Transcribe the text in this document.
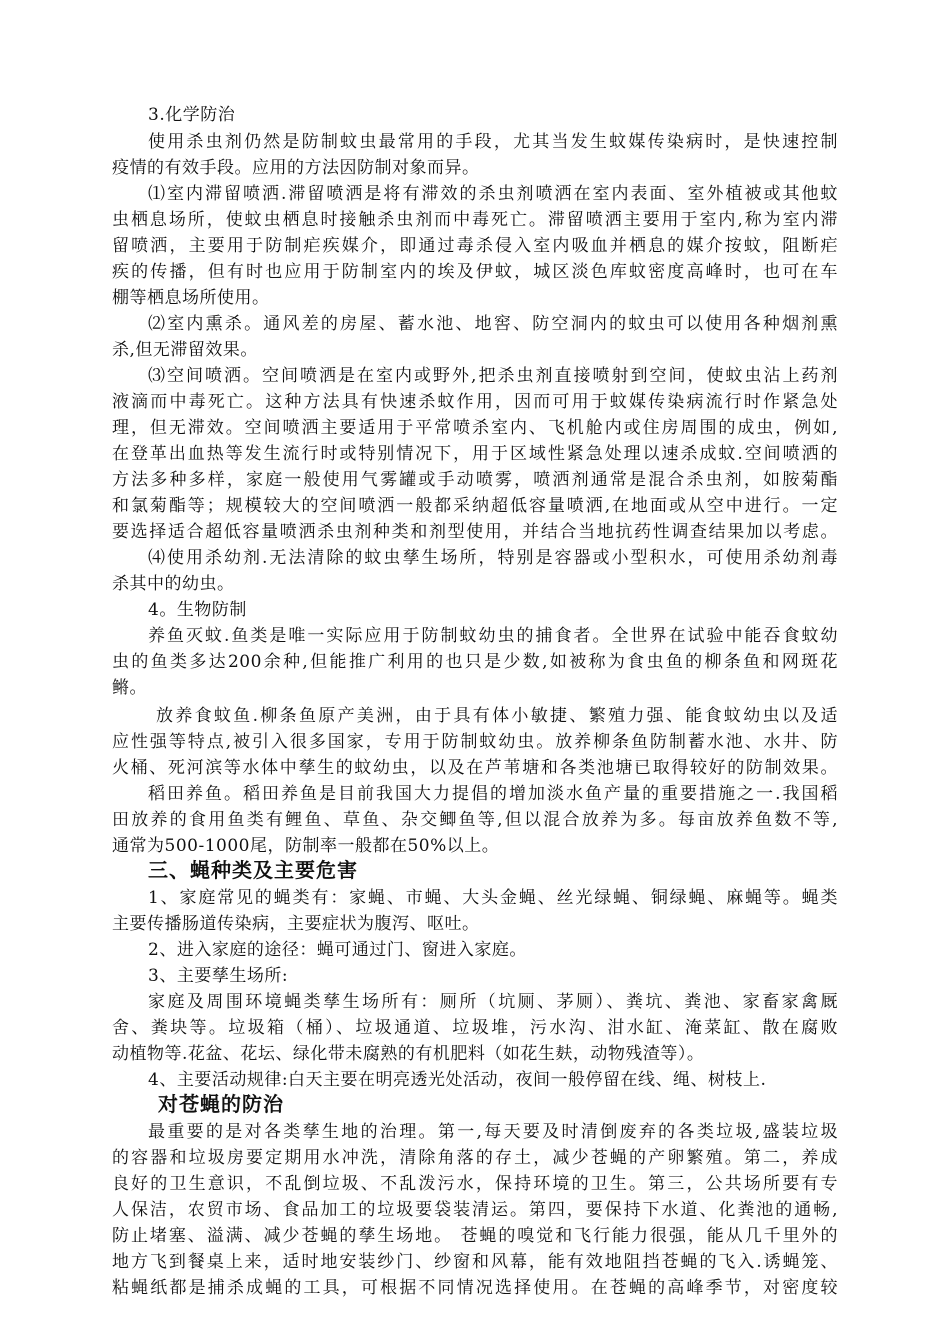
3.化学防治
使用杀虫剂仍然是防制蚊虫最常用的手段，尤其当发生蚊媒传染病时，是快速控制
疫情的有效手段。应用的方法因防制对象而异。
⑴室内滞留喷洒.滞留喷洒是将有滞效的杀虫剂喷洒在室内表面、室外植被或其他蚊
虫栖息场所，使蚊虫栖息时接触杀虫剂而中毒死亡。滞留喷洒主要用于室内,称为室内滞
留喷洒，主要用于防制疟疾媒介，即通过毒杀侵入室内吸血并栖息的媒介按蚊，阻断疟
疾的传播，但有时也应用于防制室内的埃及伊蚊，城区淡色库蚊密度高峰时，也可在车
棚等栖息场所使用。
⑵室内熏杀。通风差的房屋、蓄水池、地窖、防空洞内的蚊虫可以使用各种烟剂熏
杀,但无滞留效果。
⑶空间喷洒。空间喷洒是在室内或野外,把杀虫剂直接喷射到空间，使蚊虫沾上药剂
液滴而中毒死亡。这种方法具有快速杀蚊作用，因而可用于蚊媒传染病流行时作紧急处
理，但无滞效。空间喷洒主要适用于平常喷杀室内、飞机舱内或住房周围的成虫，例如,
在登革出血热等发生流行时或特别情况下，用于区域性紧急处理以速杀成蚊.空间喷洒的
方法多种多样，家庭一般使用气雾罐或手动喷雾，喷洒剂通常是混合杀虫剂，如胺菊酯
和氯菊酯等；规模较大的空间喷洒一般都采纳超低容量喷洒,在地面或从空中进行。一定
要选择适合超低容量喷洒杀虫剂种类和剂型使用，并结合当地抗药性调查结果加以考虑。
⑷使用杀幼剂.无法清除的蚊虫孳生场所，特别是容器或小型积水，可使用杀幼剂毒
杀其中的幼虫。
4。生物防制
养鱼灭蚊.鱼类是唯一实际应用于防制蚊幼虫的捕食者。全世界在试验中能吞食蚊幼
虫的鱼类多达200余种,但能推广利用的也只是少数,如被称为食虫鱼的柳条鱼和网斑花
鳉。
放养食蚊鱼.柳条鱼原产美洲，由于具有体小敏捷、繁殖力强、能食蚊幼虫以及适
应性强等特点,被引入很多国家，专用于防制蚊幼虫。放养柳条鱼防制蓄水池、水井、防
火桶、死河滨等水体中孳生的蚊幼虫，以及在芦苇塘和各类池塘已取得较好的防制效果。
稻田养鱼。稻田养鱼是目前我国大力提倡的增加淡水鱼产量的重要措施之一.我国稻
田放养的食用鱼类有鲤鱼、草鱼、杂交鲫鱼等,但以混合放养为多。每亩放养鱼数不等,
通常为500-1000尾，防制率一般都在50%以上。
三、蝇种类及主要危害
1、家庭常见的蝇类有：家蝇、市蝇、大头金蝇、丝光绿蝇、铜绿蝇、麻蝇等。蝇类
主要传播肠道传染病，主要症状为腹泻、呕吐。
2、进入家庭的途径：蝇可通过门、窗进入家庭。
3、主要孳生场所:
家庭及周围环境蝇类孳生场所有：厕所（坑厕、茅厕）、粪坑、粪池、家畜家禽厩
舍、粪块等。垃圾箱（桶）、垃圾通道、垃圾堆，污水沟、泔水缸、淹菜缸、散在腐败
动植物等.花盆、花坛、绿化带未腐熟的有机肥料（如花生麸，动物残渣等）。
4、主要活动规律:白天主要在明亮透光处活动，夜间一般停留在线、绳、树枝上.
对苍蝇的防治
最重要的是对各类孳生地的治理。第一,每天要及时清倒废弃的各类垃圾,盛装垃圾
的容器和垃圾房要定期用水冲洗，清除角落的存土，减少苍蝇的产卵繁殖。第二，养成
良好的卫生意识，不乱倒垃圾、不乱泼污水，保持环境的卫生。第三，公共场所要有专
人保洁，农贸市场、食品加工的垃圾要袋装清运。第四，要保持下水道、化粪池的通畅,
防止堵塞、溢满、减少苍蝇的孳生场地。 苍蝇的嗅觉和飞行能力很强，能从几千里外的
地方飞到餐桌上来，适时地安装纱门、纱窗和风幕，能有效地阻挡苍蝇的飞入.诱蝇笼、
粘蝇纸都是捕杀成蝇的工具，可根据不同情况选择使用。在苍蝇的高峰季节，对密度较
